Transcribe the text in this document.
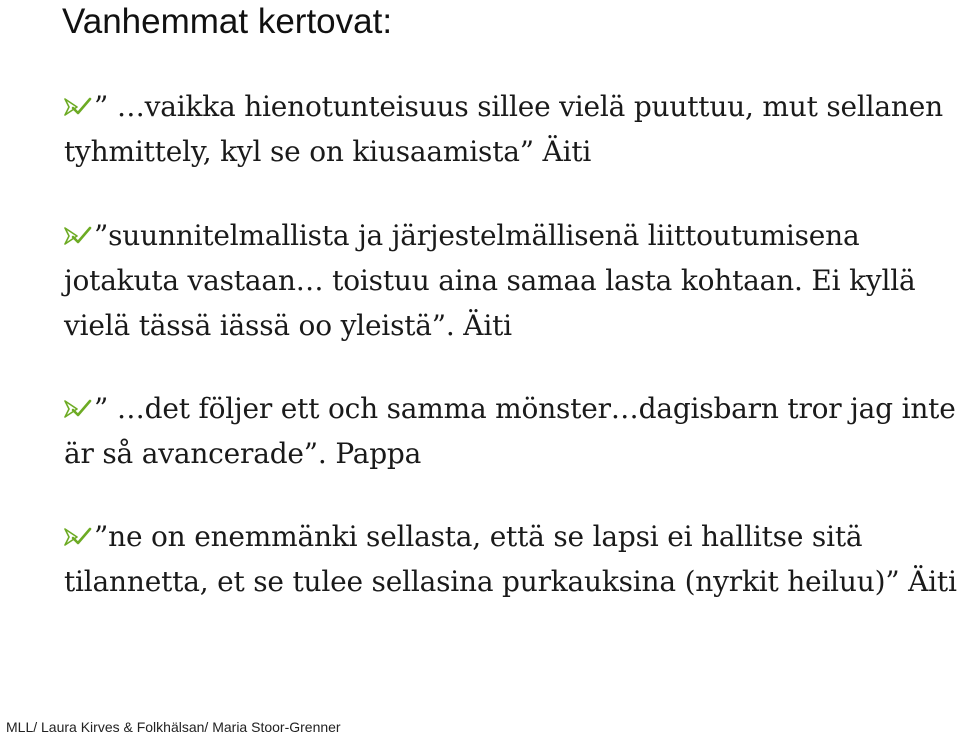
Vanhemmat kertovat:
” …vaikka hienotunteisuus sillee vielä puuttuu, mut sellanen tyhmittely, kyl se on kiusaamista” Äiti
”suunnitelmallista ja järjestelmällisenä liittoutumisena jotakuta vastaan… toistuu aina samaa lasta kohtaan. Ei kyllä vielä tässä iässä oo yleistä”. Äiti
” …det följer ett och samma mönster…dagisbarn tror jag inte är så avancerade”. Pappa
”ne on enemmänki sellasta, että se lapsi ei hallitse sitä tilannetta, et se tulee sellasina purkauksina (nyrkit heiluu)” Äiti
MLL/ Laura Kirves & Folkhälsan/ Maria Stoor-Grenner
